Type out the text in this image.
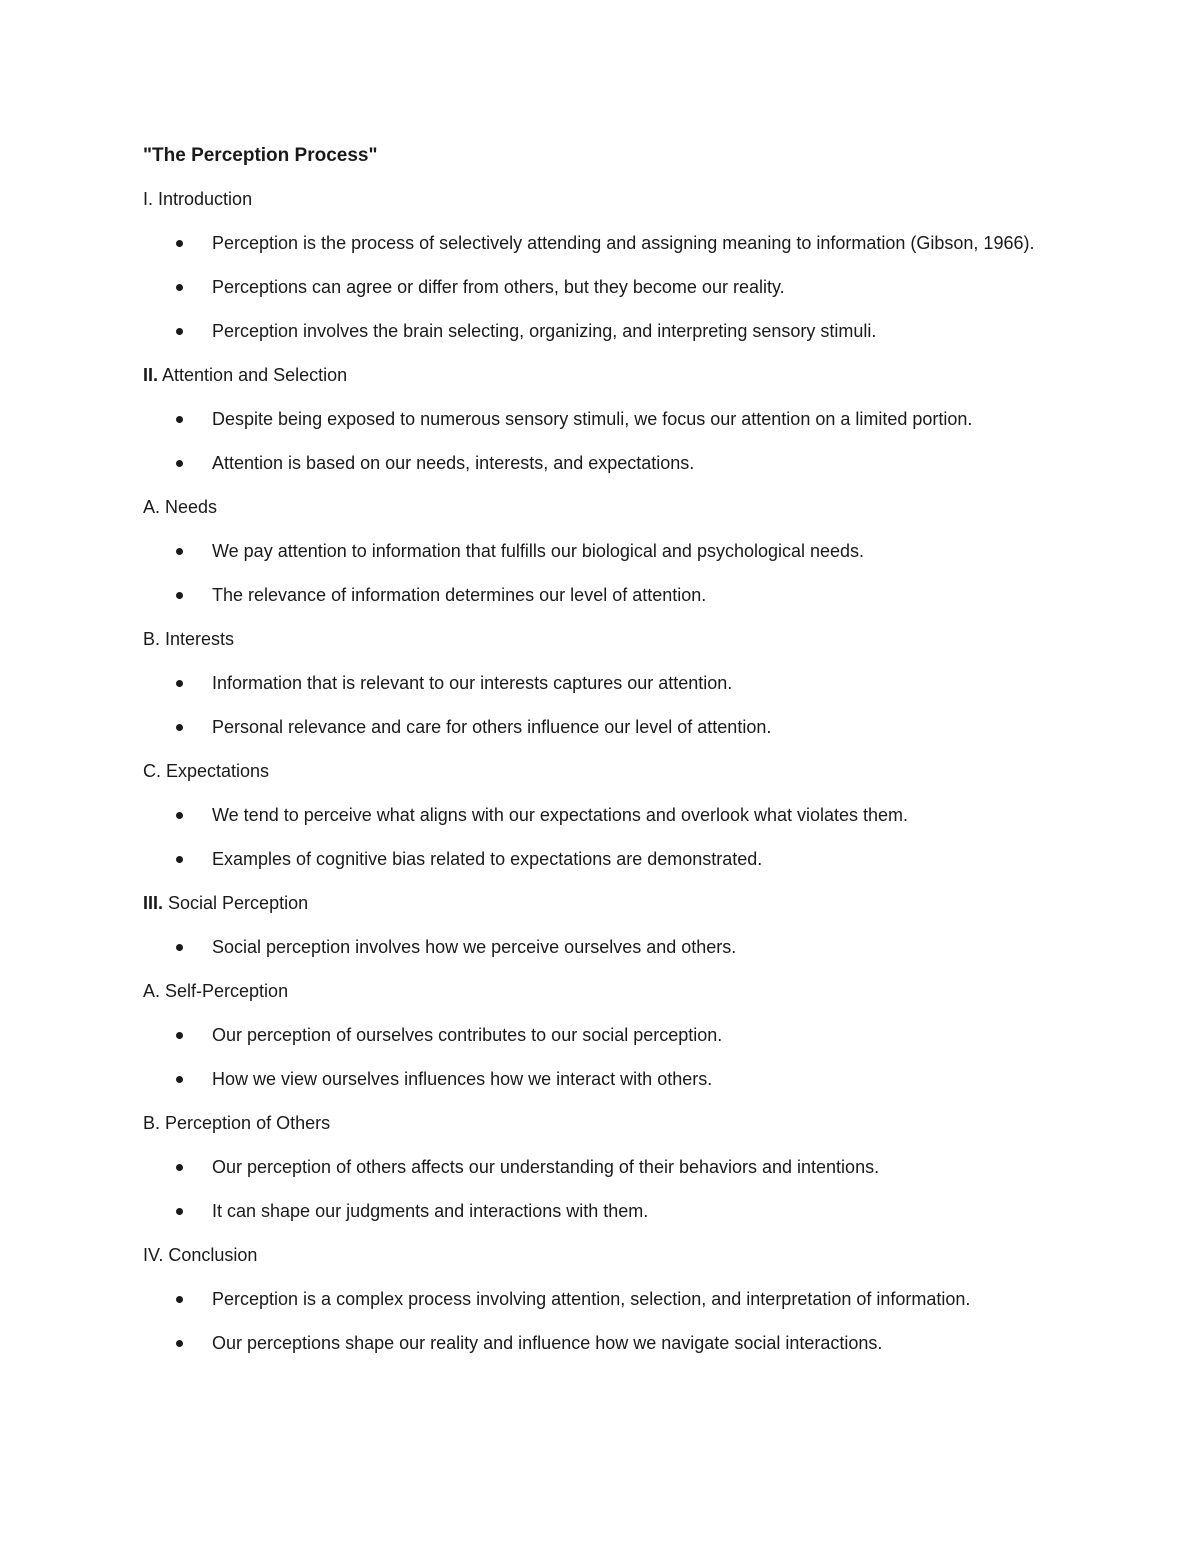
"The Perception Process"
I. Introduction
Perception is the process of selectively attending and assigning meaning to information (Gibson, 1966).
Perceptions can agree or differ from others, but they become our reality.
Perception involves the brain selecting, organizing, and interpreting sensory stimuli.
II. Attention and Selection
Despite being exposed to numerous sensory stimuli, we focus our attention on a limited portion.
Attention is based on our needs, interests, and expectations.
A. Needs
We pay attention to information that fulfills our biological and psychological needs.
The relevance of information determines our level of attention.
B. Interests
Information that is relevant to our interests captures our attention.
Personal relevance and care for others influence our level of attention.
C. Expectations
We tend to perceive what aligns with our expectations and overlook what violates them.
Examples of cognitive bias related to expectations are demonstrated.
III. Social Perception
Social perception involves how we perceive ourselves and others.
A. Self-Perception
Our perception of ourselves contributes to our social perception.
How we view ourselves influences how we interact with others.
B. Perception of Others
Our perception of others affects our understanding of their behaviors and intentions.
It can shape our judgments and interactions with them.
IV. Conclusion
Perception is a complex process involving attention, selection, and interpretation of information.
Our perceptions shape our reality and influence how we navigate social interactions.
